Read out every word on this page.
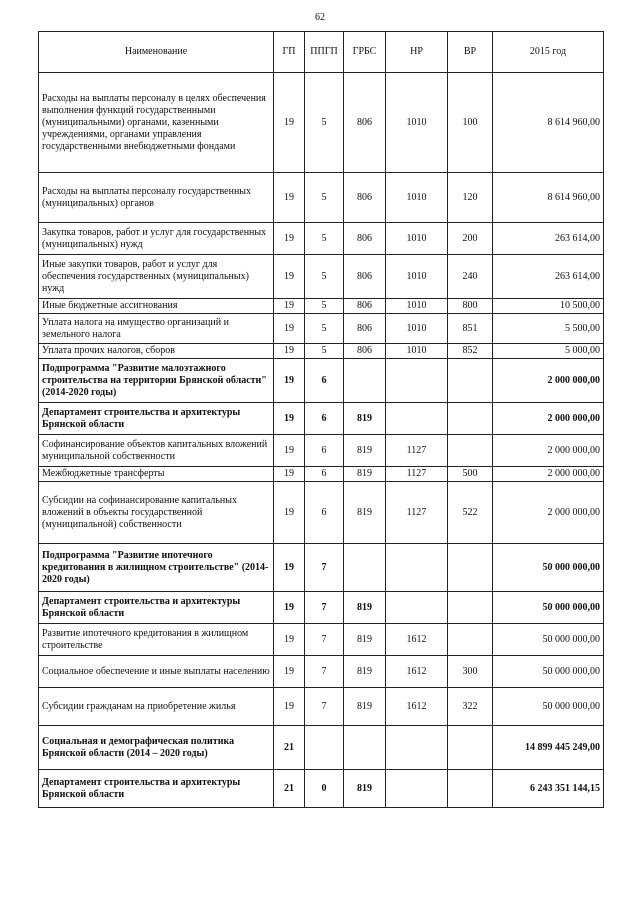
62
Наименование	ГП	ППГП	ГРБС	НР	ВР	2015 год
Расходы на выплаты персоналу в целях обеспечения выполнения функций государственными (муниципальными) органами, казенными учреждениями, органами управления государственными внебюджетными фондами	19	5	806	1010	100	8 614 960,00
Расходы на выплаты персоналу государственных (муниципальных) органов	19	5	806	1010	120	8 614 960,00
Закупка товаров, работ и услуг для государственных (муниципальных) нужд	19	5	806	1010	200	263 614,00
Иные закупки товаров, работ и услуг для обеспечения государственных (муниципальных) нужд	19	5	806	1010	240	263 614,00
Иные бюджетные ассигнования	19	5	806	1010	800	10 500,00
Уплата налога на имущество организаций и земельного налога	19	5	806	1010	851	5 500,00
Уплата прочих налогов, сборов	19	5	806	1010	852	5 000,00
Подпрограмма "Развитие малоэтажного строительства на территории Брянской области" (2014-2020 годы)	19	6				2 000 000,00
Департамент строительства и архитектуры Брянской области	19	6	819			2 000 000,00
Софинансирование объектов капитальных вложений муниципальной собственности	19	6	819	1127		2 000 000,00
Межбюджетные трансферты	19	6	819	1127	500	2 000 000,00
Субсидии на софинансирование капитальных вложений в объекты государственной (муниципальной) собственности	19	6	819	1127	522	2 000 000,00
Подпрограмма "Развитие ипотечного кредитования в жилищном строительстве" (2014-2020 годы)	19	7				50 000 000,00
Департамент строительства и архитектуры Брянской области	19	7	819			50 000 000,00
Развитие ипотечного кредитования в жилищном строительстве	19	7	819	1612		50 000 000,00
Социальное обеспечение и иные выплаты населению	19	7	819	1612	300	50 000 000,00
Субсидии гражданам на приобретение жилья	19	7	819	1612	322	50 000 000,00
Социальная и демографическая политика Брянской области (2014 – 2020 годы)	21					14 899 445 249,00
Департамент строительства и архитектуры Брянской области	21	0	819			6 243 351 144,15
